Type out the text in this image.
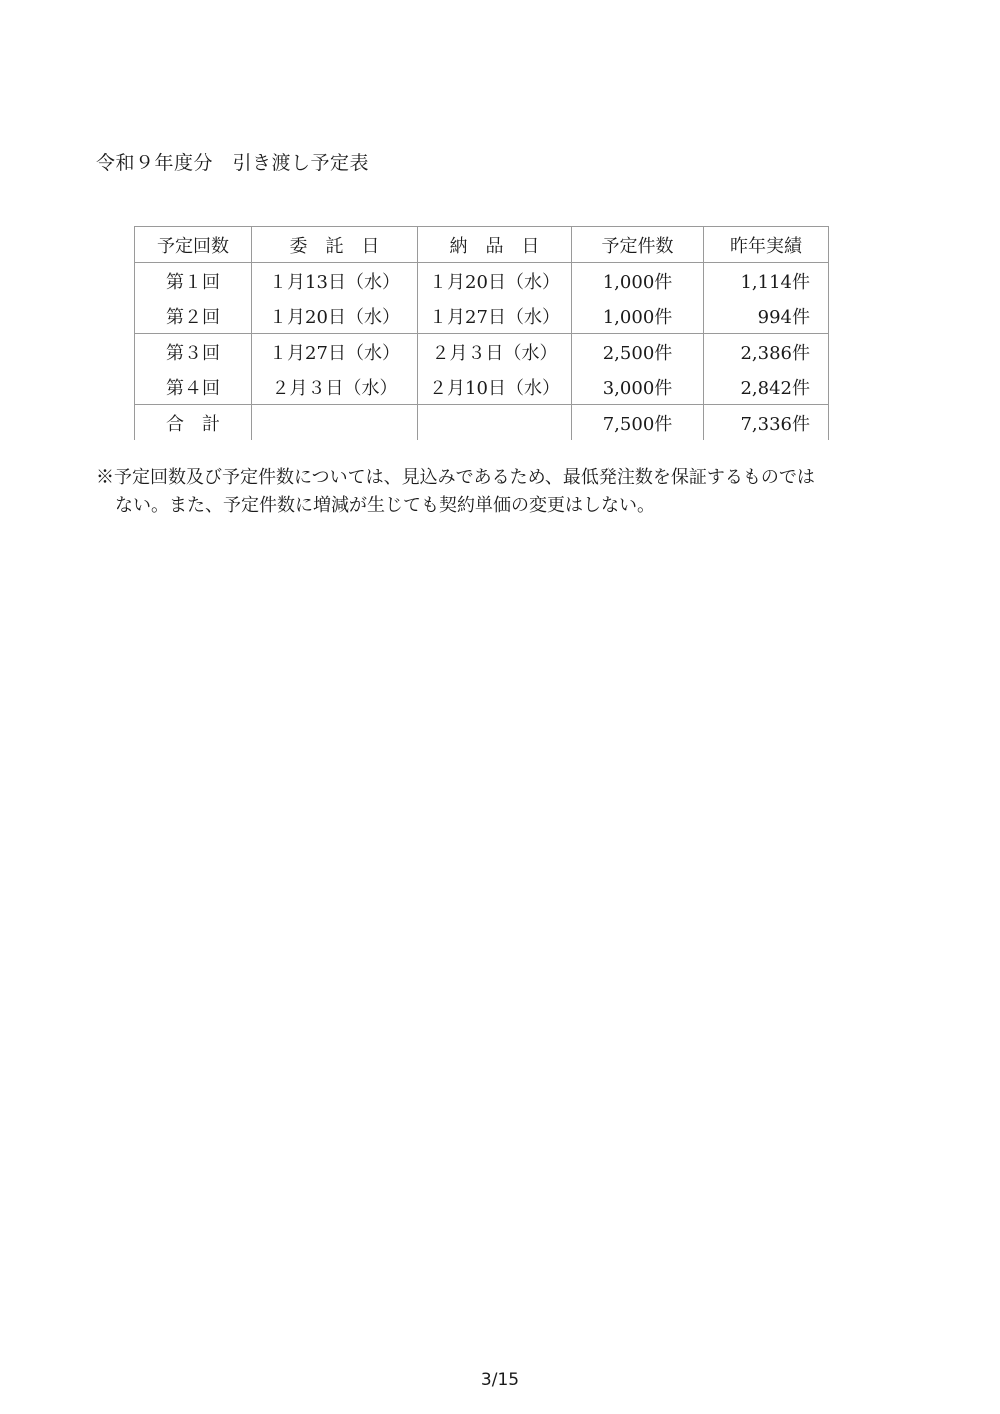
令和９年度分　引き渡し予定表
予定回数	委　託　日	納　品　日	予定件数	昨年実績
第１回	１月13日（水）	１月20日（水）	1,000件	1,114件
第２回	１月20日（水）	１月27日（水）	1,000件	994件
第３回	１月27日（水）	２月３日（水）	2,500件	2,386件
第４回	２月３日（水）	２月10日（水）	3,000件	2,842件
合　計			7,500件	7,336件
※予定回数及び予定件数については、見込みであるため、最低発注数を保証するものでは
ない。また、予定件数に増減が生じても契約単価の変更はしない。
3/15
